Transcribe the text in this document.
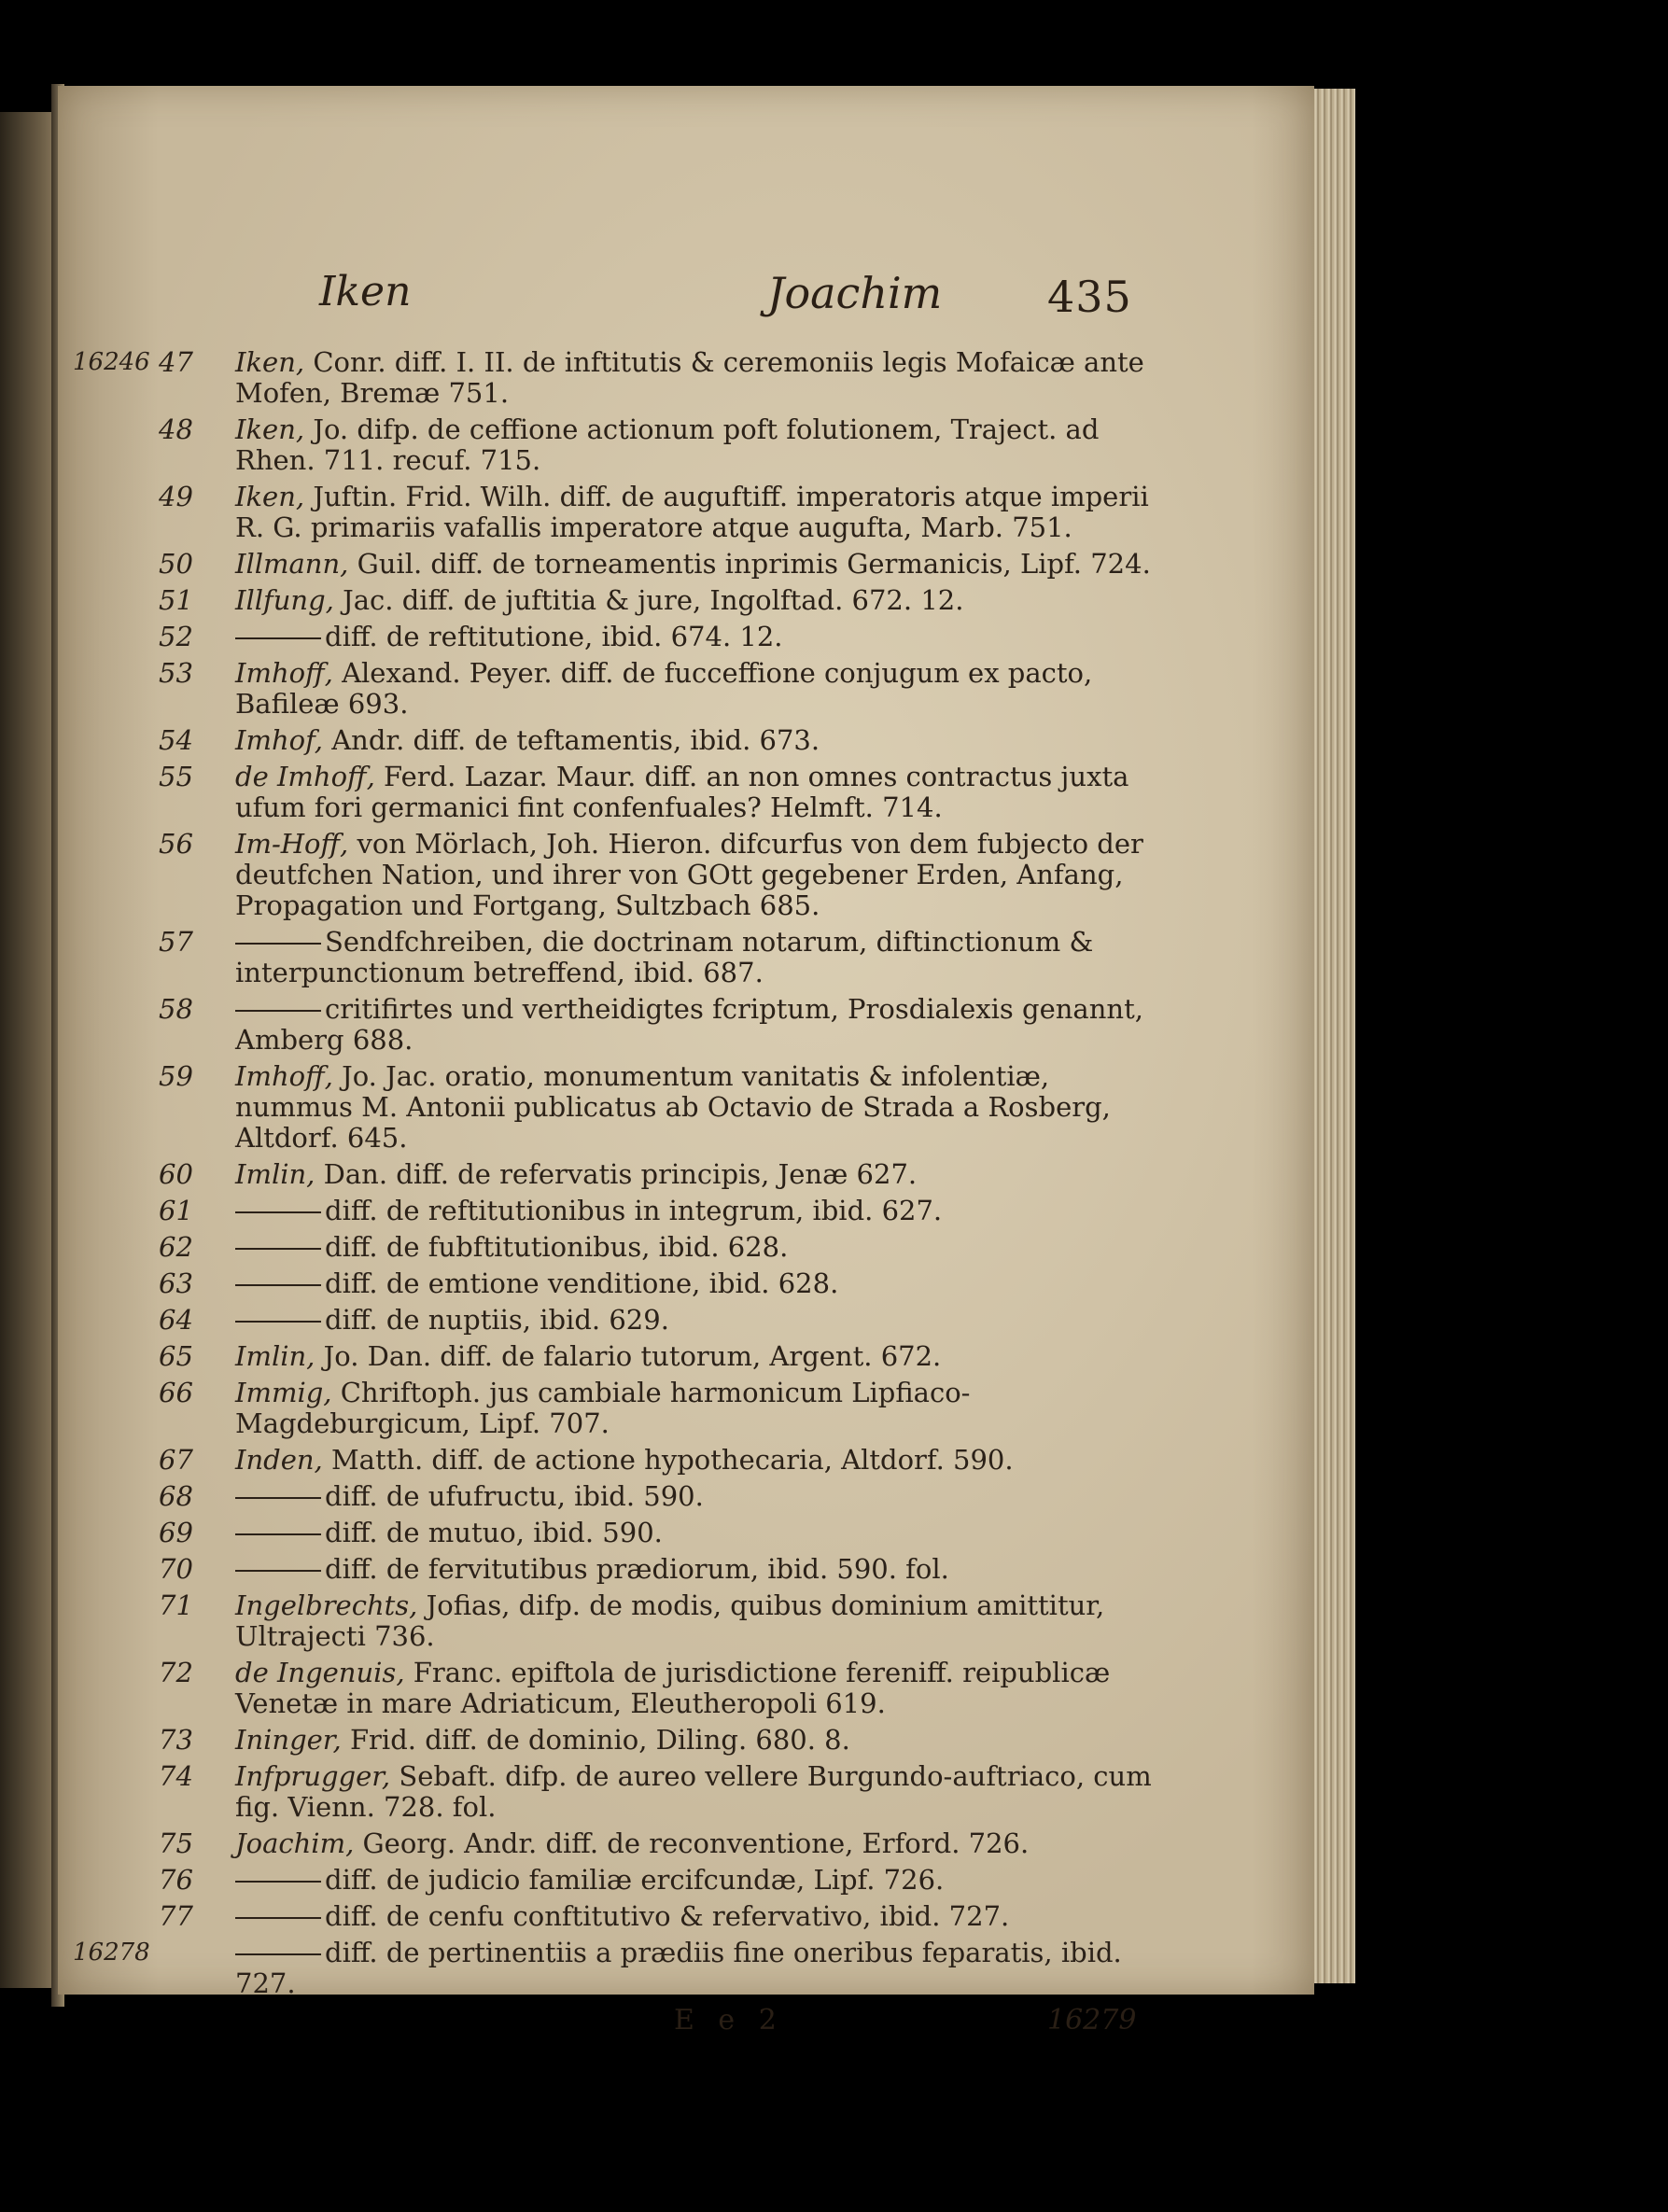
Iken	Joachim 435
16246 47	Iken, Conr. diff. I. II. de inftitutis & ceremoniis legis Mofaicæ ante Mofen, Bremæ 751.
48	Iken, Jo. difp. de ceffione actionum poft folutionem, Traject. ad Rhen. 711. recuf. 715.
49	Iken, Juftin. Frid. Wilh. diff. de auguftiff. imperatoris atque imperii R. G. primariis vafallis imperatore atque augufta, Marb. 751.
50	Illmann, Guil. diff. de torneamentis inprimis Germanicis, Lipf. 724.
51	Illfung, Jac. diff. de juftitia & jure, Ingolftad. 672. 12.
52	diff. de reftitutione, ibid. 674. 12.
53	Imhoff, Alexand. Peyer. diff. de fucceffione conjugum ex pacto, Bafileæ 693.
54	Imhof, Andr. diff. de teftamentis, ibid. 673.
55	de Imhoff, Ferd. Lazar. Maur. diff. an non omnes contractus juxta ufum fori germanici fint confenfuales? Helmft. 714.
56	Im-Hoff, von Mörlach, Joh. Hieron. difcurfus von dem fubjecto der deutfchen Nation, und ihrer von GOtt gegebener Erden, Anfang, Propagation und Fortgang, Sultzbach 685.
57	Sendfchreiben, die doctrinam notarum, diftinctionum & interpunctionum betreffend, ibid. 687.
58	critifirtes und vertheidigtes fcriptum, Prosdialexis genannt, Amberg 688.
59	Imhoff, Jo. Jac. oratio, monumentum vanitatis & infolentiæ, nummus M. Antonii publicatus ab Octavio de Strada a Rosberg, Altdorf. 645.
60	Imlin, Dan. diff. de refervatis principis, Jenæ 627.
61	diff. de reftitutionibus in integrum, ibid. 627.
62	diff. de fubftitutionibus, ibid. 628.
63	diff. de emtione venditione, ibid. 628.
64	diff. de nuptiis, ibid. 629.
65	Imlin, Jo. Dan. diff. de falario tutorum, Argent. 672.
66	Immig, Chriftoph. jus cambiale harmonicum Lipfiaco-Magdeburgicum, Lipf. 707.
67	Inden, Matth. diff. de actione hypothecaria, Altdorf. 590.
68	diff. de ufufructu, ibid. 590.
69	diff. de mutuo, ibid. 590.
70	diff. de fervitutibus prædiorum, ibid. 590. fol.
71	Ingelbrechts, Jofias, difp. de modis, quibus dominium amittitur, Ultrajecti 736.
72	de Ingenuis, Franc. epiftola de jurisdictione fereniff. reipublicæ Venetæ in mare Adriaticum, Eleutheropoli 619.
73	Ininger, Frid. diff. de dominio, Diling. 680. 8.
74	Infprugger, Sebaft. difp. de aureo vellere Burgundo-auftriaco, cum fig. Vienn. 728. fol.
75	Joachim, Georg. Andr. diff. de reconventione, Erford. 726.
76	diff. de judicio familiæ ercifcundæ, Lipf. 726.
77	diff. de cenfu conftitutivo & refervativo, ibid. 727.
16278	diff. de pertinentiis a prædiis fine oneribus feparatis, ibid. 727.
E e 2	16279
